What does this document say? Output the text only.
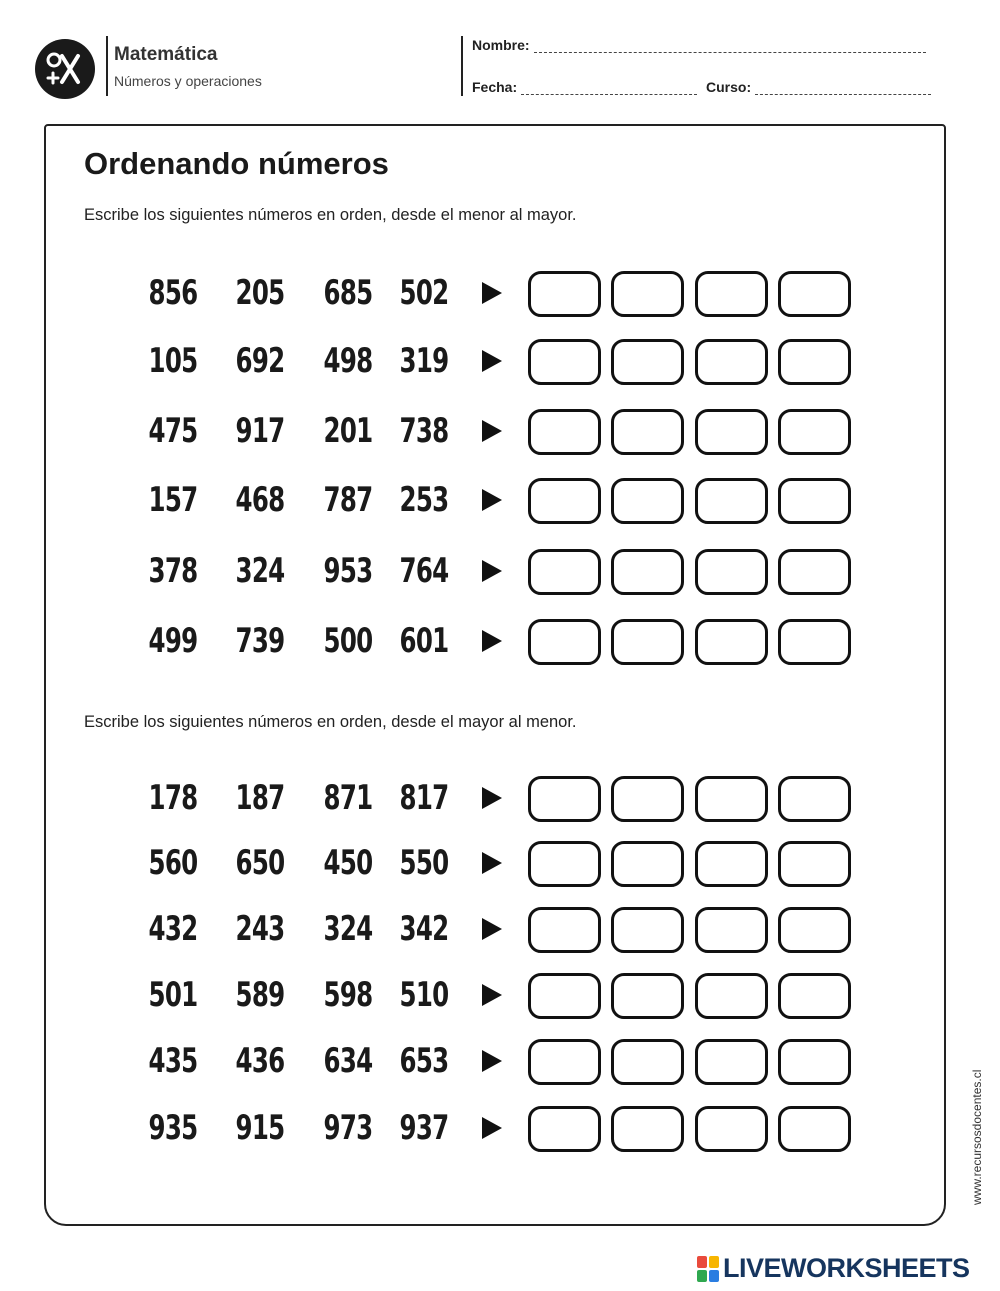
Matemática
Números y operaciones
Nombre:
Fecha:	Curso:
Ordenando números
Escribe los siguientes números en orden, desde el menor al mayor.
Escribe los siguientes números en orden, desde el mayor al menor.
856 205 685 502
105 692 498 319
475 917 201 738
157 468 787 253
378 324 953 764
499 739 500 601
178 187 871 817
560 650 450 550
432 243 324 342
501 589 598 510
435 436 634 653
935 915 973 937	www.recursosdocentes.cl
LIVEWORKSHEETS
